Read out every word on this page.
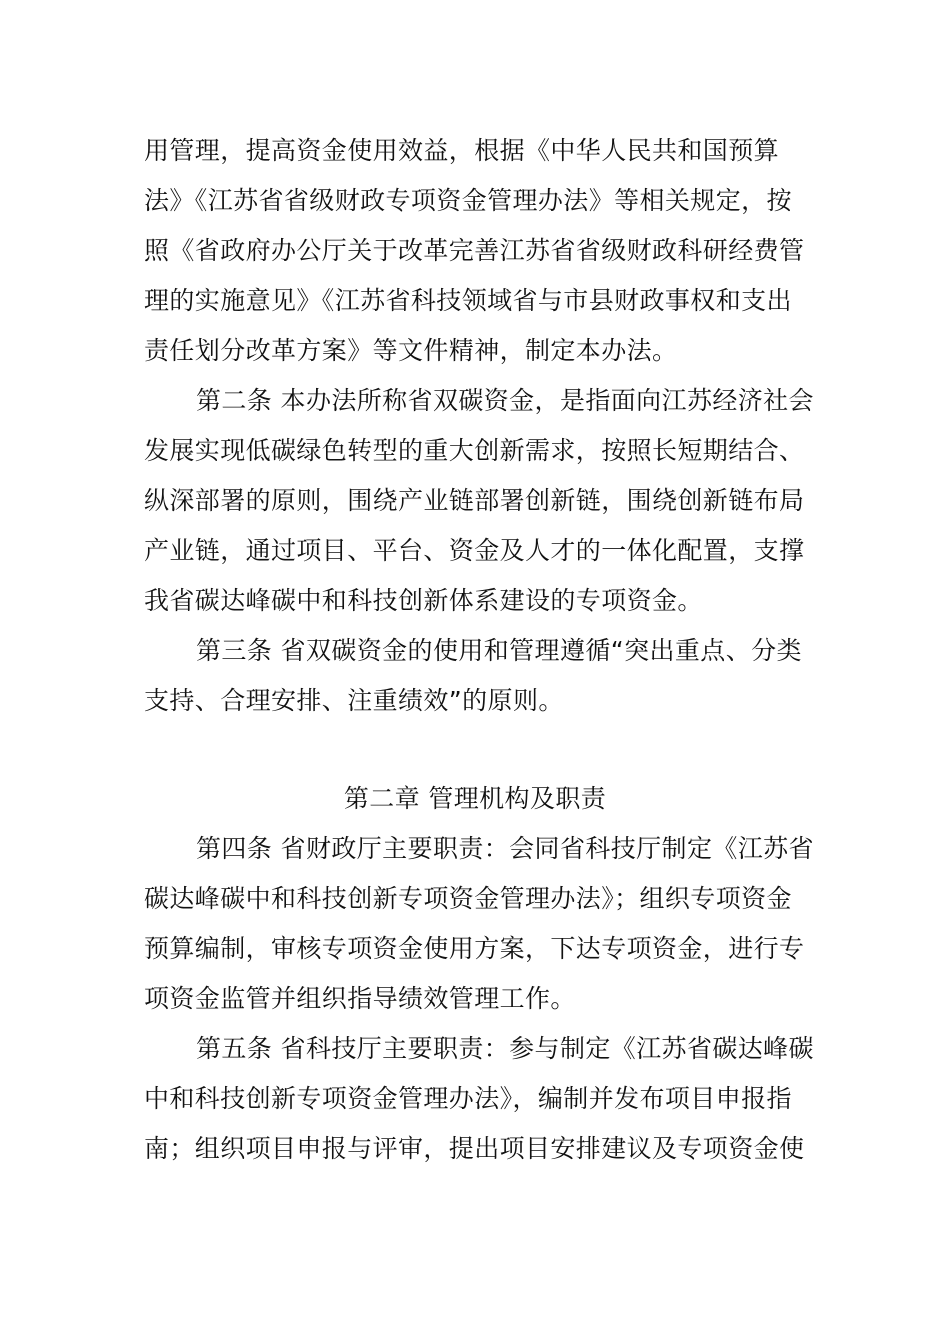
用管理，提高资金使用效益，根据《中华人民共和国预算
法》《江苏省省级财政专项资金管理办法》等相关规定，按
照《省政府办公厅关于改革完善江苏省省级财政科研经费管
理的实施意见》《江苏省科技领域省与市县财政事权和支出
责任划分改革方案》等文件精神，制定本办法。
第二条 本办法所称省双碳资金，是指面向江苏经济社会
发展实现低碳绿色转型的重大创新需求，按照长短期结合、
纵深部署的原则，围绕产业链部署创新链，围绕创新链布局
产业链，通过项目、平台、资金及人才的一体化配置，支撑
我省碳达峰碳中和科技创新体系建设的专项资金。
第三条 省双碳资金的使用和管理遵循“突出重点、分类
支持、合理安排、注重绩效”的原则。
第二章 管理机构及职责
第四条 省财政厅主要职责：会同省科技厅制定《江苏省
碳达峰碳中和科技创新专项资金管理办法》；组织专项资金
预算编制，审核专项资金使用方案，下达专项资金，进行专
项资金监管并组织指导绩效管理工作。
第五条 省科技厅主要职责：参与制定《江苏省碳达峰碳
中和科技创新专项资金管理办法》，编制并发布项目申报指
南；组织项目申报与评审，提出项目安排建议及专项资金使
